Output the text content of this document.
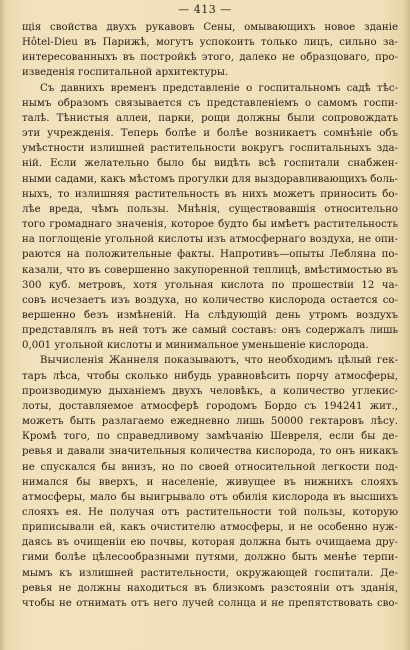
— 413 —
щія свойства двухъ рукавовъ Сены, омывающихъ новое зданіе
Hôtel-Dieu въ Парижѣ, могутъ успокоить только лицъ, сильно за-
интересованныхъ въ постройкѣ этого, далеко не образцоваго, про-
изведенія госпитальной архитектуры.
Съ давнихъ временъ представленіе о госпитальномъ садѣ тѣс-
нымъ образомъ связывается съ представленіемъ о самомъ госпи-
талѣ. Тѣнистыя аллеи, парки, рощи должны были сопровождать
эти учрежденія. Теперь болѣе и болѣе возникаетъ сомнѣніе объ
умѣстности излишней растительности вокругъ госпитальныхъ зда-
ній. Если желательно было бы видѣть всѣ госпитали снабжен-
ными садами, какъ мѣстомъ прогулки для выздоравливающихъ боль-
ныхъ, то излишняя растительность въ нихъ можетъ приносить бо-
лѣе вреда, чѣмъ пользы. Мнѣнія, существовавшія относительно
того громаднаго значенія, которое будто бы имѣетъ растительность
на поглощеніе угольной кислоты изъ атмосфернаго воздуха, не опи-
раются на положительные факты. Напротивъ—опыты Лебляна по-
казали, что въ совершенно закупоренной теплицѣ, вмѣстимостью въ
300 куб. метровъ, хотя угольная кислота по прошествіи 12 ча-
совъ исчезаетъ изъ воздуха, но количество кислорода остается со-
вершенно безъ измѣненій. На слѣдующій день утромъ воздухъ
представлялъ въ ней тотъ же самый составъ: онъ содержалъ лишь
0,001 угольной кислоты и минимальное уменьшеніе кислорода.
Вычисленія Жаннеля показываютъ, что необходимъ цѣлый гек-
таръ лѣса, чтобы сколько нибудь уравновѣсить порчу атмосферы,
производимую дыханіемъ двухъ человѣкъ, а количество углекис-
лоты, доставляемое атмосферѣ городомъ Бордо съ 194241 жит.,
можетъ быть разлагаемо ежедневно лишь 50000 гектаровъ лѣсу.
Кромѣ того, по справедливому замѣчанію Шевреля, если бы де-
ревья и давали значительныя количества кислорода, то онъ никакъ
не спускался бы внизъ, но по своей относительной легкости под-
нимался бы вверхъ, и населеніе, живущее въ нижнихъ слояхъ
атмосферы, мало бы выигрывало отъ обилія кислорода въ высшихъ
слояхъ ея. Не получая отъ растительности той пользы, которую
приписывали ей, какъ очистителю атмосферы, и не особенно нуж-
даясь въ очищеніи ею почвы, которая должна быть очищаема дру-
гими болѣе цѣлесообразными путями, должно быть менѣе терпи-
мымъ къ излишней растительности, окружающей госпитали. Де-
ревья не должны находиться въ близкомъ разстояніи отъ зданія,
чтобы не отнимать отъ него лучей солнца и не препятствовать сво-
